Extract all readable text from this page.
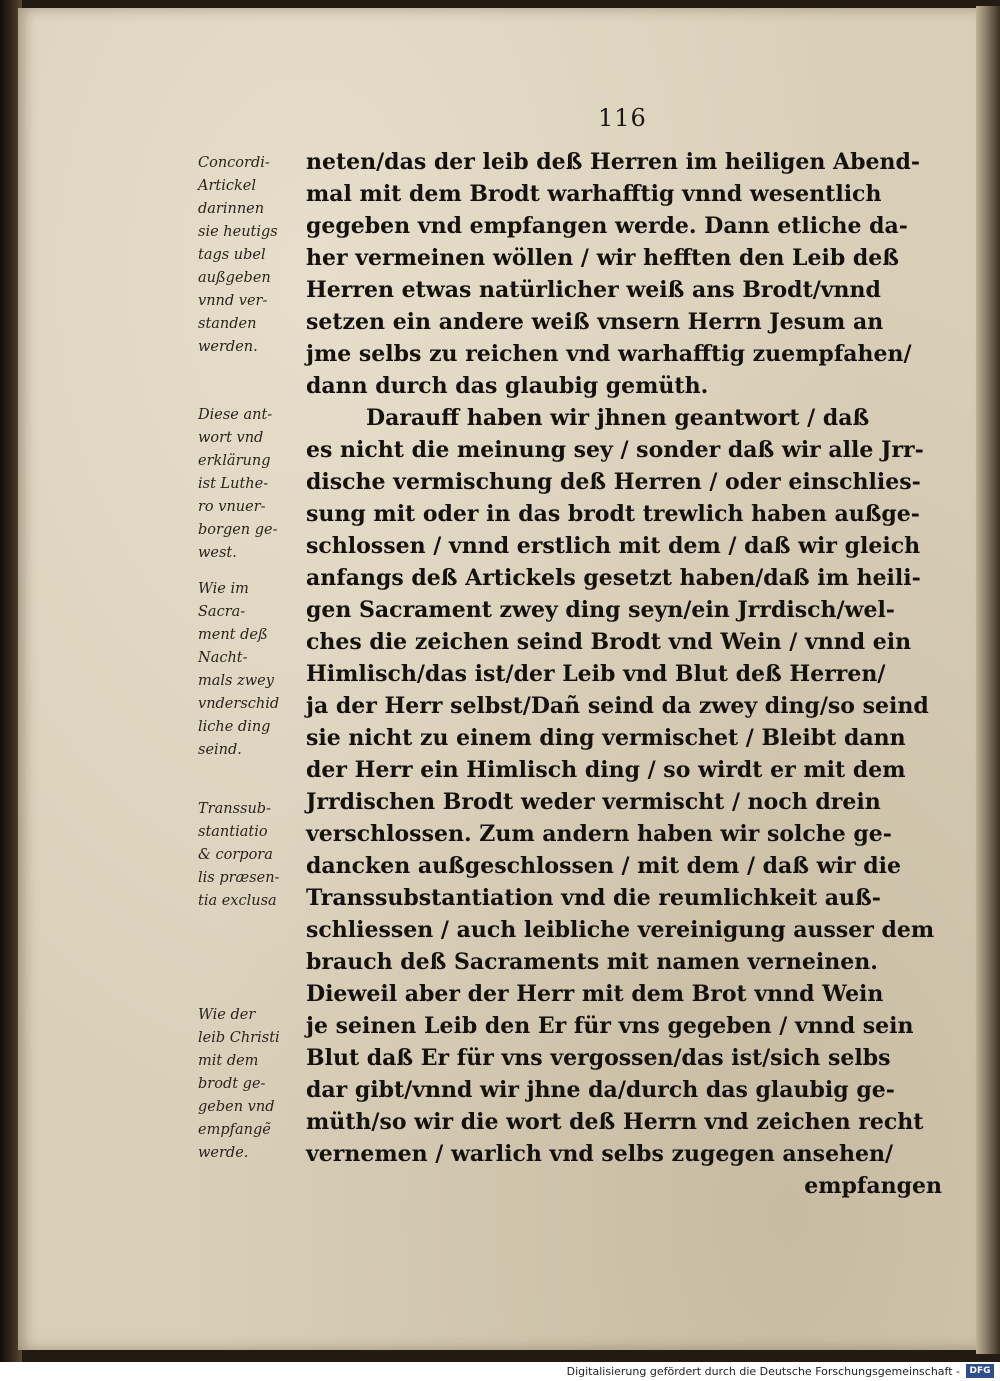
116
Concordi-
Artickel
darinnen
sie heutigs
tags ubel
außgeben
vnnd ver-
standen
werden.
Diese ant-
wort vnd
erklärung
ist Luthe-
ro vnuer-
borgen ge-
west.
Wie im
Sacra-
ment deß
Nacht-
mals zwey
vnderschid
liche ding
seind.
Transsub-
stantiatio
& corpora
lis præsen-
tia exclusa
Wie der
leib Christi
mit dem
brodt ge-
geben vnd
empfangẽ
werde.
neten/das der leib deß Herren im heiligen Abend-
mal mit dem Brodt warhafftig vnnd wesentlich
gegeben vnd empfangen werde. Dann etliche da-
her vermeinen wöllen / wir hefften den Leib deß
Herren etwas natürlicher weiß ans Brodt/vnnd
setzen ein andere weiß vnsern Herrn Jesum an
jme selbs zu reichen vnd warhafftig zuempfahen/
dann durch das glaubig gemüth.
Darauff haben wir jhnen geantwort / daß
es nicht die meinung sey / sonder daß wir alle Jrr-
dische vermischung deß Herren / oder einschlies-
sung mit oder in das brodt trewlich haben außge-
schlossen / vnnd erstlich mit dem / daß wir gleich
anfangs deß Artickels gesetzt haben/daß im heili-
gen Sacrament zwey ding seyn/ein Jrrdisch/wel-
ches die zeichen seind Brodt vnd Wein / vnnd ein
Himlisch/das ist/der Leib vnd Blut deß Herren/
ja der Herr selbst/Dañ seind da zwey ding/so seind
sie nicht zu einem ding vermischet / Bleibt dann
der Herr ein Himlisch ding / so wirdt er mit dem
Jrrdischen Brodt weder vermischt / noch drein
verschlossen. Zum andern haben wir solche ge-
dancken außgeschlossen / mit dem / daß wir die
Transsubstantiation vnd die reumlichkeit auß-
schliessen / auch leibliche vereinigung ausser dem
brauch deß Sacraments mit namen verneinen.
Dieweil aber der Herr mit dem Brot vnnd Wein
je seinen Leib den Er für vns gegeben / vnnd sein
Blut daß Er für vns vergossen/das ist/sich selbs
dar gibt/vnnd wir jhne da/durch das glaubig ge-
müth/so wir die wort deß Herrn vnd zeichen recht
vernemen / warlich vnd selbs zugegen ansehen/
empfangen
Digitalisierung gefördert durch die Deutsche Forschungsgemeinschaft -	DFG
